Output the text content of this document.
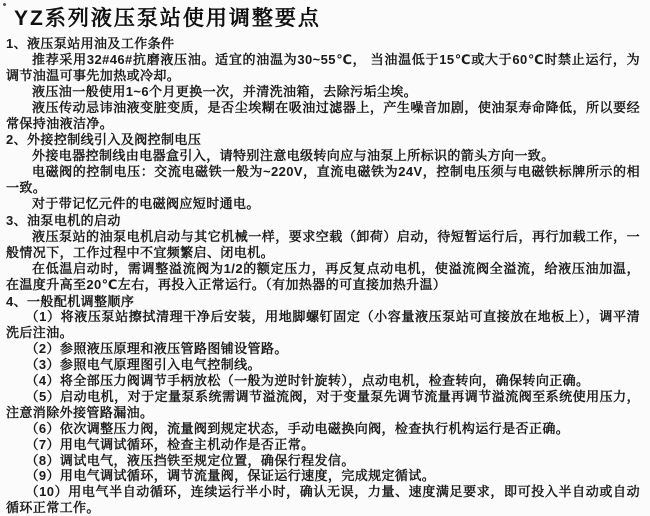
YZ系列液压泵站使用调整要点
1、液压泵站用油及工作条件
推荐采用32#46#抗磨液压油。适宜的油温为30~55℃， 当油温低于15℃或大于60℃时禁止运行，为调节油温可事先加热或冷却。
液压油一般使用1~6个月更换一次，并清洗油箱，去除污垢尘埃。
液压传动忌讳油液变脏变质，是否尘埃糊在吸油过滤器上，产生噪音加剧，使油泵寿命降低，所以要经常保持油液洁净。
2、外接控制线引入及阀控制电压
外接电器控制线由电器盒引入，请特别注意电级转向应与油泵上所标识的箭头方向一致。
电磁阀的控制电压：交流电磁铁一般为~220V，直流电磁铁为24V，控制电压须与电磁铁标牌所示的相一致。
对于带记忆元件的电磁阀应短时通电。
3、油泵电机的启动
液压泵站的油泵电机启动与其它机械一样，要求空载（卸荷）启动，待短暂运行后，再行加载工作，一般情况下，工作过程中不宜频繁启、闭电机。
在低温启动时，需调整溢流阀为1/2的额定压力，再反复点动电机，使溢流阀全溢流，给液压油加温，在温度升高至20℃左右，再投入正常运行。（有加热器的可直接加热升温）
4、一般配机调整顺序
（1）将液压泵站擦拭清理干净后安装，用地脚螺钉固定（小容量液压泵站可直接放在地板上），调平清洗后注油。
（2）参照液压原理和液压管路图铺设管路。
（3）参照电气原理图引入电气控制线。
（4）将全部压力阀调节手柄放松（一般为逆时针旋转），点动电机，检查转向，确保转向正确。
（5）启动电机，对于定量泵系统需调节溢流阀，对于变量泵先调节流量再调节溢流阀至系统使用压力，注意消除外接管路漏油。
（6）依次调整压力阀，流量阀到规定状态，手动电磁换向阀，检查执行机构运行是否正确。
（7）用电气调试循环，检查主机动作是否正常。
（8）调试电气，液压挡铁至规定位置，确保行程发信。
（9）用电气调试循环，调节流量阀，保证运行速度，完成规定循试。
（10）用电气半自动循环，连续运行半小时，确认无误，力量、速度满足要求，即可投入半自动或自动循环正常工作。
